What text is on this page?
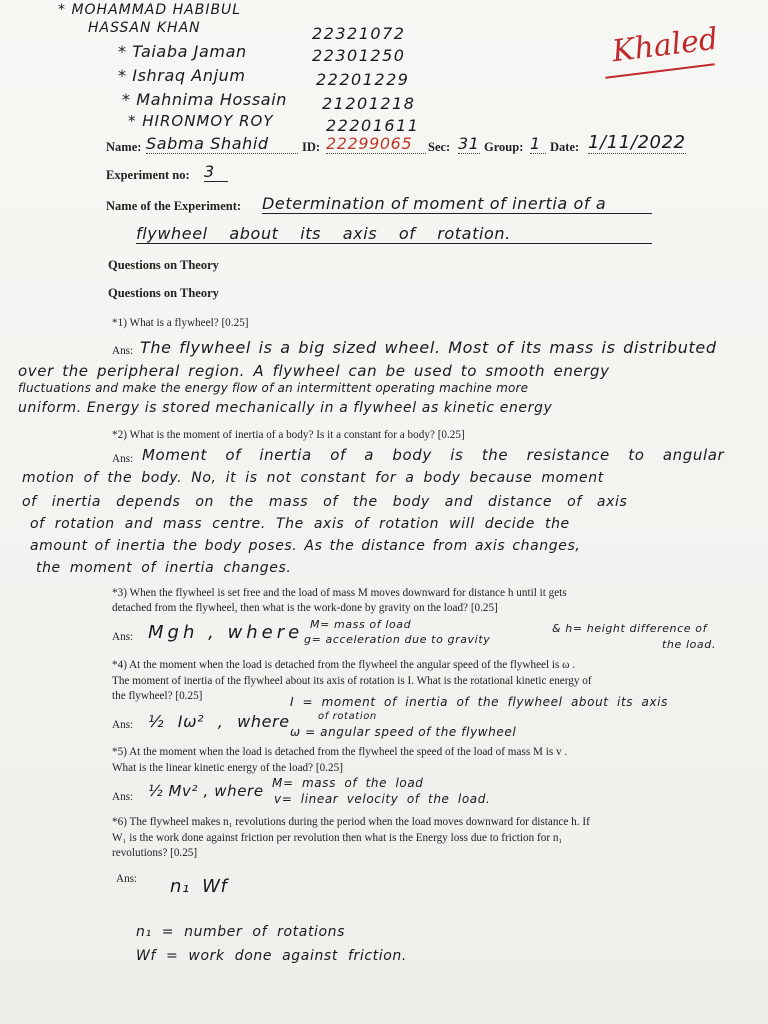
Khaled
* MOHAMMAD HABIBUL
HASSAN KHAN	22321072
* Taiaba Jaman	22301250
* Ishraq Anjum	22201229
* Mahnima Hossain 21201218
* HIRONMOY ROY	22201611
Name: Sabma Shahid	ID: 22299065	Sec: 31 Group: 1 Date: 1/11/2022
Experiment no: 3
Name of the Experiment: Determination of moment of inertia of a
flywheel about its axis of rotation.
Questions on Theory
Questions on Theory
*1) What is a flywheel? [0.25]
Ans: The flywheel is a big sized wheel. Most of its mass is distributed
over the peripheral region. A flywheel can be used to smooth energy
fluctuations and make the energy flow of an intermittent operating machine more
uniform. Energy is stored mechanically in a flywheel as kinetic energy
*2) What is the moment of inertia of a body? Is it a constant for a body? [0.25]
Ans: Moment of inertia of a body is the resistance to angular
motion of the body. No, it is not constant for a body because moment
of inertia depends on the mass of the body and distance of axis
of rotation and mass centre. The axis of rotation will decide the
amount of inertia the body poses. As the distance from axis changes,
the moment of inertia changes.
*3) When the flywheel is set free and the load of mass M moves downward for distance h until it gets
detached from the flywheel, then what is the work-done by gravity on the load? [0.25]
Ans: Mgh , where M= mass of load
g= acceleration due to gravity
& h= height difference of
the load.
*4) At the moment when the load is detached from the flywheel the angular speed of the flywheel is ω .
The moment of inertia of the flywheel about its axis of rotation is I. What is the rotational kinetic energy of
the flywheel? [0.25]
Ans: ½ Iω² , where
I = moment of inertia of the flywheel about its axis
of rotation
ω = angular speed of the flywheel
*5) At the moment when the load is detached from the flywheel the speed of the load of mass M is v .
What is the linear kinetic energy of the load? [0.25]
Ans: ½ Mv² , where M= mass of the load
v= linear velocity of the load.
*6) The flywheel makes n₁ revolutions during the period when the load moves downward for distance h. If
W₁ is the work done against friction per revolution then what is the Energy loss due to friction for n₁
revolutions? [0.25]
Ans: n₁ Wf
n₁ = number of rotations
Wf = work done against friction.
